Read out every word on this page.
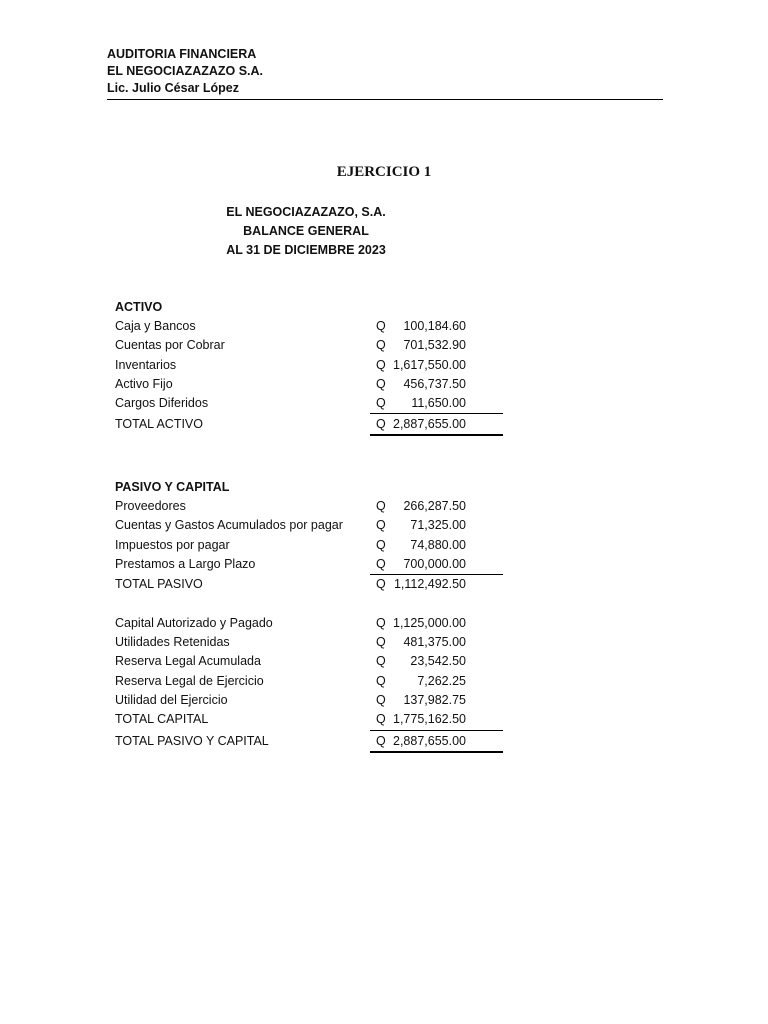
AUDITORIA FINANCIERA
EL NEGOCIAZAZAZO S.A.
Lic. Julio César López
EJERCICIO 1
EL NEGOCIAZAZAZO, S.A.
BALANCE GENERAL
AL 31 DE DICIEMBRE 2023
ACTIVO
Caja y Bancos	Q	100,184.60
Cuentas por Cobrar	Q	701,532.90
Inventarios	Q 1,617,550.00
Activo Fijo	Q	456,737.50
Cargos Diferidos	Q	11,650.00
TOTAL ACTIVO	Q 2,887,655.00
PASIVO Y CAPITAL
Proveedores	Q	266,287.50
Cuentas y Gastos Acumulados por pagar	Q	71,325.00
Impuestos por pagar	Q	74,880.00
Prestamos a Largo Plazo	Q	700,000.00
TOTAL PASIVO	Q 1,112,492.50
Capital Autorizado y Pagado	Q 1,125,000.00
Utilidades Retenidas	Q	481,375.00
Reserva Legal Acumulada	Q	23,542.50
Reserva Legal de Ejercicio	Q	7,262.25
Utilidad del Ejercicio	Q	137,982.75
TOTAL CAPITAL	Q 1,775,162.50
TOTAL PASIVO Y CAPITAL	Q 2,887,655.00
